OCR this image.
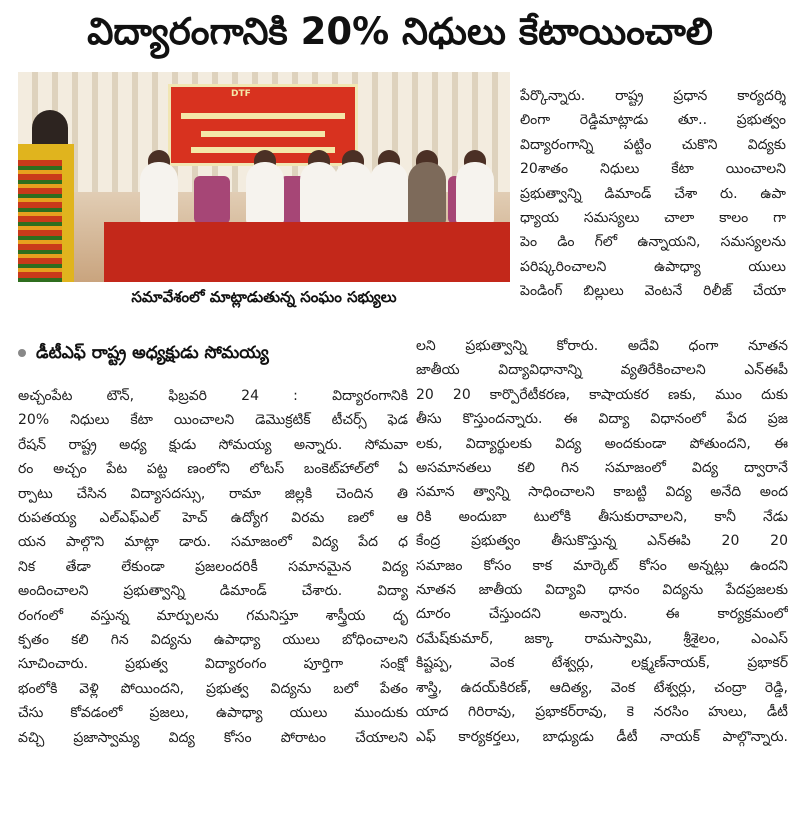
విద్యారంగానికి 20% నిధులు కేటాయించాలి
DTF
సమావేశంలో మాట్లాడుతున్న సంఘం సభ్యులు
డీటీఎఫ్ రాష్ట్ర అధ్యక్షుడు సోమయ్య
పేర్కొన్నారు. రాష్ట్ర ప్రధాన కార్యదర్శి
లింగా రెడ్డిమాట్లాడు తూ.. ప్రభుత్వం
విద్యారంగాన్ని పట్టిం చుకొని విద్యకు
20శాతం నిధులు కేటా యించాలని
ప్రభుత్వాన్ని డిమాండ్ చేశా రు. ఉపా
ధ్యాయ సమస్యలు చాలా కాలం గా
పెం డిం గ్‌లో ఉన్నాయని, సమస్యలను
పరిష్కరించాలని ఉపాధ్యా యులు
పెండింగ్ బిల్లులు వెంటనే రిలీజ్ చేయా
అచ్చంపేట టౌన్, ఫిబ్రవరి 24 : విద్యారంగానికి
20% నిధులు కేటా యించాలని డెమొక్రటిక్ టీచర్స్ ఫెడ
రేషన్ రాష్ట్ర అధ్య క్షుడు సోమయ్య అన్నారు. సోమవా
రం అచ్చం పేట పట్ట ణంలోని లోటస్ బంకెట్‌హాల్‌లో ఏ
ర్పాటు చేసిన విద్యాసదస్సు, రామా జిల్లకి చెందిన తి
రుపతయ్య ఎల్ఎఫ్ఎల్ హెచ్ ఉద్యోగ విరమ ణలో ఆ
యన పాల్గొని మాట్లా డారు. సమాజంలో విద్య పేద ధ
నిక తేడా లేకుండా ప్రజలందరికీ సమానమైన విద్య
అందించాలని ప్రభుత్వాన్ని డిమాండ్ చేశారు. విద్యా
రంగంలో వస్తున్న మార్పులను గమనిస్తూ శాస్త్రీయ దృ
క్పతం కలి గిన విద్యను ఉపాధ్యా యులు బోధించాలని
సూచించారు. ప్రభుత్వ విద్యారంగం పూర్తిగా సంక్షో
భంలోకి వెళ్లి పోయిందని, ప్రభుత్వ విద్యను బలో పేతం
చేసు కోవడంలో ప్రజలు, ఉపాధ్యా యులు ముందుకు
వచ్చి ప్రజాస్వామ్య విద్య కోసం పోరాటం చేయాలని
లని ప్రభుత్వాన్ని కోరారు. అదేవి ధంగా నూతన
జాతీయ విద్యావిధానాన్ని వ్యతిరేకించాలని ఎన్ఈపీ
20 20 కార్పొరేటీకరణ, కాషాయకర ణకు, ముం దుకు
తీసు కొస్తుందన్నారు. ఈ విద్యా విధానంలో పేద ప్రజ
లకు, విద్యార్థులకు విద్య అందకుండా పోతుందని, ఈ
అసమానతలు కలి గిన సమాజంలో విద్య ద్వారానే
సమాన త్వాన్ని సాధించాలని కాబట్టి విద్య అనేది అంద
రికి అందుబా టులోకి తీసుకురావాలని, కానీ నేడు
కేంద్ర ప్రభుత్వం తీసుకొస్తున్న ఎన్ఈపి 20 20
సమాజం కోసం కాక మార్కెట్ కోసం అన్నట్లు ఉందని
నూతన జాతీయ విద్యావి ధానం విద్యను పేదప్రజలకు
దూరం చేస్తుందని అన్నారు. ఈ కార్యక్రమంలో
రమేష్‌కుమార్, జక్కా రామస్వామి, శ్రీశైలం, ఎంఎస్
కిష్టప్ప, వెంక టేశ్వర్లు, లక్ష్మణ్‌నాయక్, ప్రభాకర్
శాస్త్రి, ఉదయ్‌కిరణ్, ఆదిత్య, వెంక టేశ్వర్లు, చంద్రా రెడ్డి,
యాద గిరిరావు, ప్రభాకర్‌రావు, కె నరసిం హులు, డీటీ
ఎఫ్ కార్యకర్తలు, బాధ్యుడు డీటీ నాయక్ పాల్గొన్నారు.
